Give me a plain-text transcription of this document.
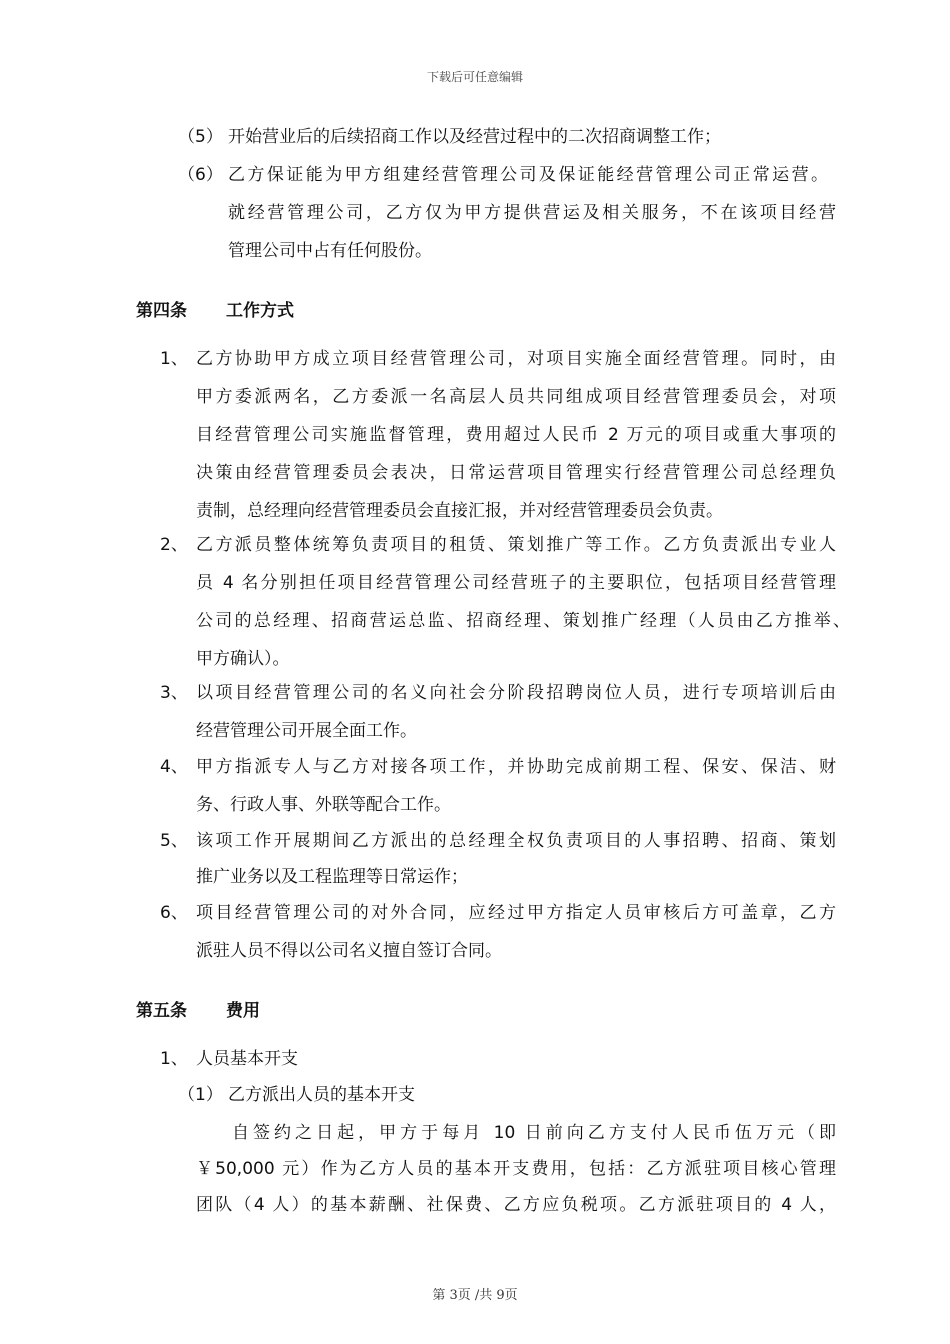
下载后可任意编辑
（5） 开始营业后的后续招商工作以及经营过程中的二次招商调整工作；
（6） 乙方保证能为甲方组建经营管理公司及保证能经营管理公司正常运营。
就经营管理公司，乙方仅为甲方提供营运及相关服务，不在该项目经营
管理公司中占有任何股份。
第四条 工作方式
1、 乙方协助甲方成立项目经营管理公司，对项目实施全面经营管理。同时，由
甲方委派两名，乙方委派一名高层人员共同组成项目经营管理委员会，对项
目经营管理公司实施监督管理，费用超过人民币 2 万元的项目或重大事项的
决策由经营管理委员会表决，日常运营项目管理实行经营管理公司总经理负
责制，总经理向经营管理委员会直接汇报，并对经营管理委员会负责。
2、 乙方派员整体统筹负责项目的租赁、策划推广等工作。乙方负责派出专业人
员 4 名分别担任项目经营管理公司经营班子的主要职位，包括项目经营管理
公司的总经理、招商营运总监、招商经理、策划推广经理（人员由乙方推举、
甲方确认）。
3、 以项目经营管理公司的名义向社会分阶段招聘岗位人员，进行专项培训后由
经营管理公司开展全面工作。
4、 甲方指派专人与乙方对接各项工作，并协助完成前期工程、保安、保洁、财
务、行政人事、外联等配合工作。
5、 该项工作开展期间乙方派出的总经理全权负责项目的人事招聘、招商、策划
推广业务以及工程监理等日常运作；
6、 项目经营管理公司的对外合同，应经过甲方指定人员审核后方可盖章，乙方
派驻人员不得以公司名义擅自签订合同。
第五条 费用
1、 人员基本开支
（1） 乙方派出人员的基本开支
自签约之日起，甲方于每月 10 日前向乙方支付人民币伍万元（即
￥50,000 元）作为乙方人员的基本开支费用，包括：乙方派驻项目核心管理
团队（4 人）的基本薪酬、社保费、乙方应负税项。乙方派驻项目的 4 人，
第 3页 /共 9页
